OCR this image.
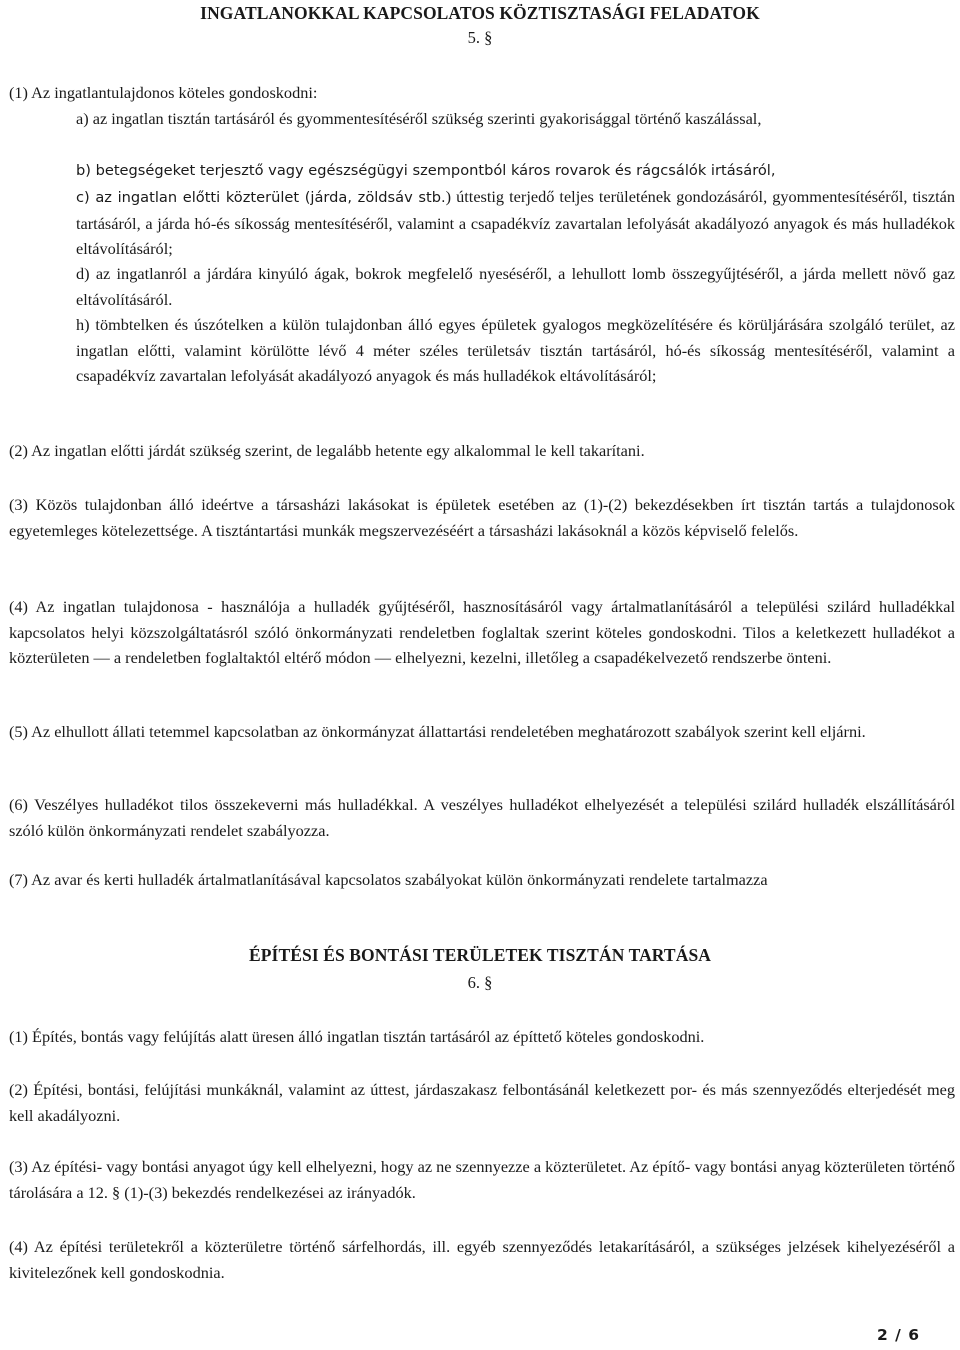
INGATLANOKKAL KAPCSOLATOS KÖZTISZTASÁGI FELADATOK
5. §

(1) Az ingatlantulajdonos köteles gondoskodni:

a) az ingatlan tisztán tartásáról és gyommentesítéséről szükség szerinti gyakorisággal történő kaszálással,

b) betegségeket terjesztő vagy egészségügyi szempontból káros rovarok és rágcsálók irtásáról,

c) az ingatlan előtti közterület (járda, zöldsáv stb.) úttestig terjedő teljes területének gondozásáról, gyommentesítéséről, tisztán tartásáról, a járda hó-és síkosság mentesítéséről, valamint a csapadékvíz zavartalan lefolyását akadályozó anyagok és más hulladékok eltávolításáról;

d) az ingatlanról a járdára kinyúló ágak, bokrok megfelelő nyeséséről, a lehullott lomb összegyűjtéséről, a járda mellett növő gaz eltávolításáról.

h) tömbtelken és úszótelken a külön tulajdonban álló egyes épületek gyalogos megközelítésére és körüljárására szolgáló terület, az ingatlan előtti, valamint körülötte lévő 4 méter széles területsáv tisztán tartásáról, hó-és síkosság mentesítéséről, valamint a csapadékvíz zavartalan lefolyását akadályozó anyagok és más hulladékok eltávolításáról;

(2) Az ingatlan előtti járdát szükség szerint, de legalább hetente egy alkalommal le kell takarítani.

(3) Közös tulajdonban álló ideértve a társasházi lakásokat is épületek esetében az (1)-(2) bekezdésekben írt tisztán tartás a tulajdonosok egyetemleges kötelezettsége. A tisztántartási munkák megszervezéséért a társasházi lakásoknál a közös képviselő felelős.

(4) Az ingatlan tulajdonosa - használója a hulladék gyűjtéséről, hasznosításáról vagy ártalmatlanításáról a települési szilárd hulladékkal kapcsolatos helyi közszolgáltatásról szóló önkormányzati rendeletben foglaltak szerint köteles gondoskodni. Tilos a keletkezett hulladékot a közterületen — a rendeletben foglaltaktól eltérő módon — elhelyezni, kezelni, illetőleg a csapadékelvezető rendszerbe önteni.

(5) Az elhullott állati tetemmel kapcsolatban az önkormányzat állattartási rendeletében meghatározott szabályok szerint kell eljárni.

(6) Veszélyes hulladékot tilos összekeverni más hulladékkal. A veszélyes hulladékot elhelyezését a települési szilárd hulladék elszállításáról szóló külön önkormányzati rendelet szabályozza.

(7) Az avar és kerti hulladék ártalmatlanításával kapcsolatos szabályokat külön önkormányzati rendelete tartalmazza

ÉPÍTÉSI ÉS BONTÁSI TERÜLETEK TISZTÁN TARTÁSA
6. §

(1) Építés, bontás vagy felújítás alatt üresen álló ingatlan tisztán tartásáról az építtető köteles gondoskodni.

(2) Építési, bontási, felújítási munkáknál, valamint az úttest, járdaszakasz felbontásánál keletkezett por- és más szennyeződés elterjedését meg kell akadályozni.

(3) Az építési- vagy bontási anyagot úgy kell elhelyezni, hogy az ne szennyezze a közterületet. Az építő- vagy bontási anyag közterületen történő tárolására a 12. § (1)-(3) bekezdés rendelkezései az irányadók.

(4) Az építési területekről a közterületre történő sárfelhordás, ill. egyéb szennyeződés letakarításáról, a szükséges jelzések kihelyezéséről a kivitelezőnek kell gondoskodnia.

2 / 6
